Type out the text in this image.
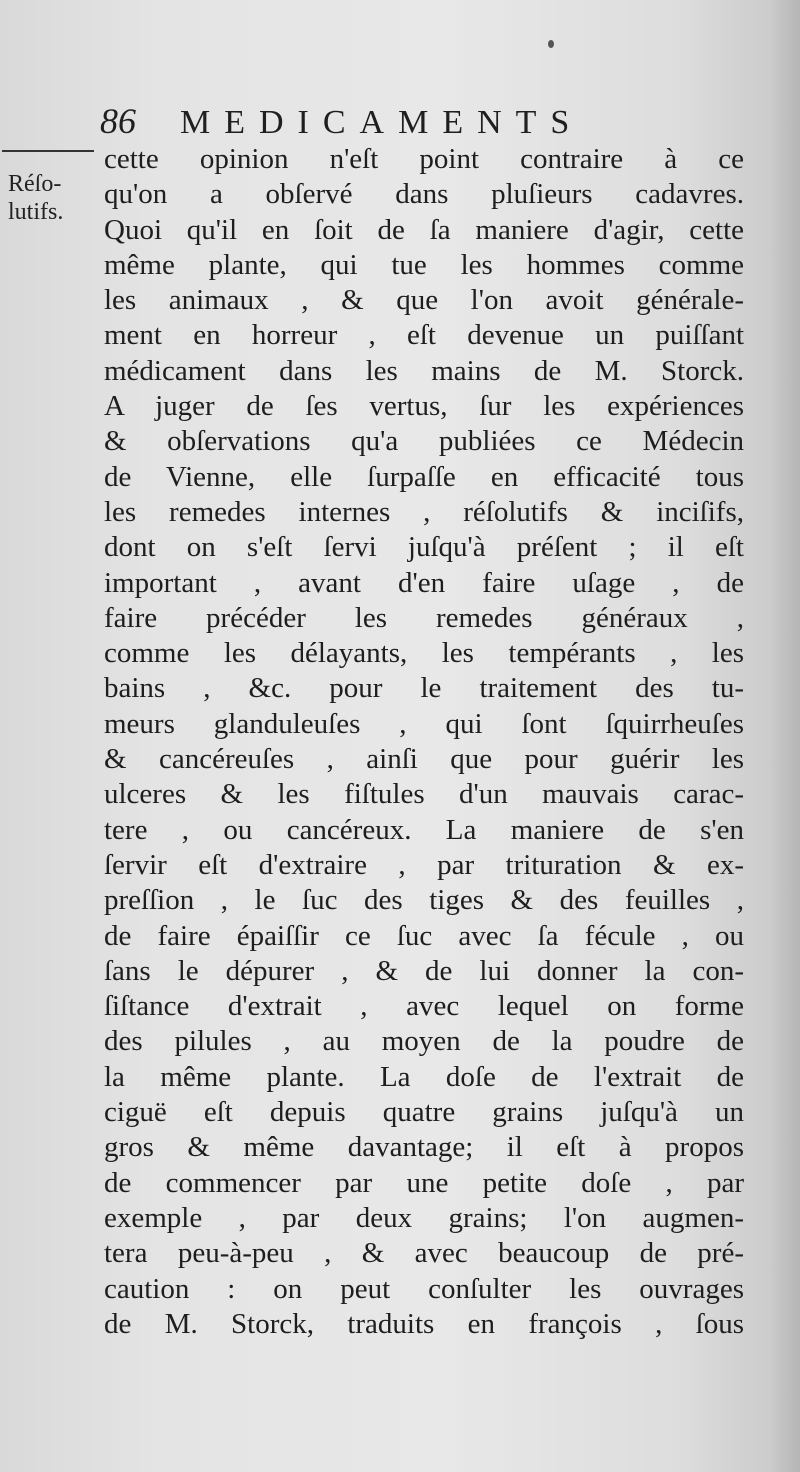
86 MEDICAMENTS
Réſo-
lutifs.
cette opinion n'eſt point contraire à ce
qu'on a obſervé dans pluſieurs cadavres.
Quoi qu'il en ſoit de ſa maniere d'agir, cette
même plante, qui tue les hommes comme
les animaux , & que l'on avoit générale-
ment en horreur , eſt devenue un puiſſant
médicament dans les mains de M. Storck.
A juger de ſes vertus, ſur les expériences
& obſervations qu'a publiées ce Médecin
de Vienne, elle ſurpaſſe en efficacité tous
les remedes internes , réſolutifs & inciſifs,
dont on s'eſt ſervi juſqu'à préſent ; il eſt
important , avant d'en faire uſage , de
faire précéder les remedes généraux ,
comme les délayants, les tempérants , les
bains , &c. pour le traitement des tu-
meurs glanduleuſes , qui ſont ſquirrheuſes
& cancéreuſes , ainſi que pour guérir les
ulceres & les fiſtules d'un mauvais carac-
tere , ou cancéreux. La maniere de s'en
ſervir eſt d'extraire , par trituration & ex-
preſſion , le ſuc des tiges & des feuilles ,
de faire épaiſſir ce ſuc avec ſa fécule , ou
ſans le dépurer , & de lui donner la con-
ſiſtance d'extrait , avec lequel on forme
des pilules , au moyen de la poudre de
la même plante. La doſe de l'extrait de
ciguë eſt depuis quatre grains juſqu'à un
gros & même davantage; il eſt à propos
de commencer par une petite doſe , par
exemple , par deux grains; l'on augmen-
tera peu-à-peu , & avec beaucoup de pré-
caution : on peut conſulter les ouvrages
de M. Storck, traduits en françois , ſous
